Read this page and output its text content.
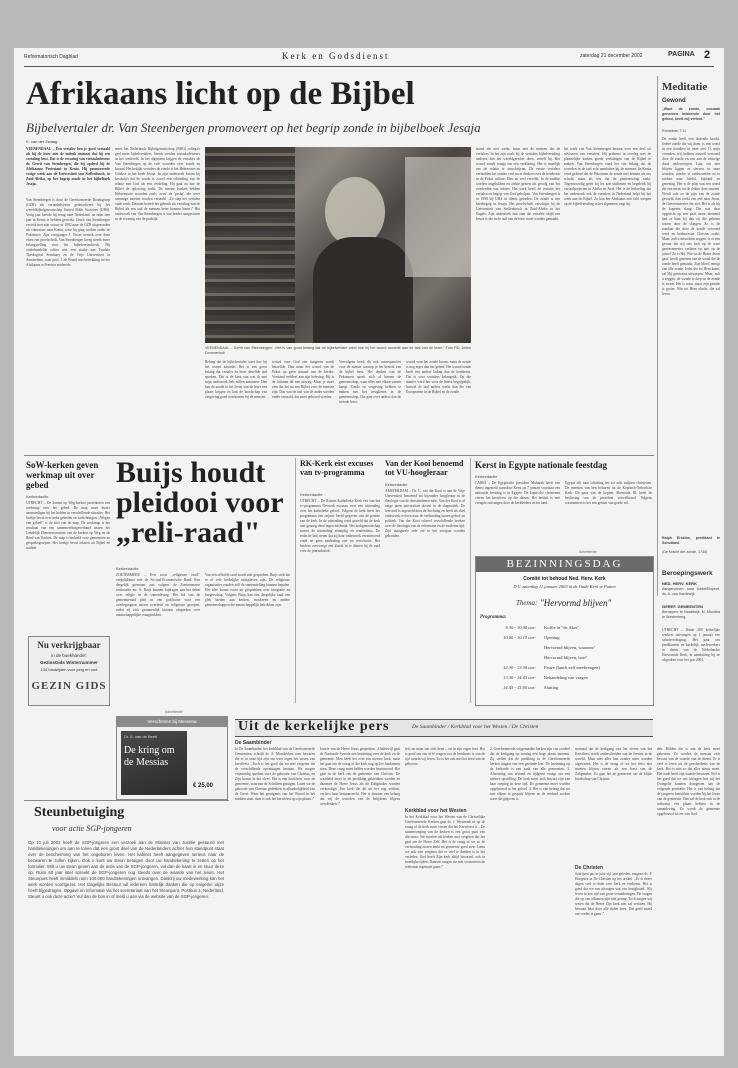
Reformatorisch Dagblad	Kerk en Godsdienst	zaterdag 21 december 2002	PAGINA 2
Afrikaans licht op de Bijbel
Bijbelvertaler dr. Van Steenbergen promoveert op het begrip zonde in bijbelboek Jesaja
K. van der Zwaag
VEENENDAAL – Een vertaler ben je goed vertaald als bij de lezer niet de indruk ontstaat dat hij een vertaling leest. Dat is de ervaring van vertaaladviseur dr. Gerrit van Steenbergen, die bij opdeed bij de Afrikaanse Protestant in Kenia. Hij promoveerde vorige week aan de Universiteit van Stellenbosch, in Zuid-Afrika, op het begrip zonde in het bijbelboek Jesaja.
Van Steenbergen is door de Gereformeerde Bondsgroep (GZB) als vertaaladviseur gedetacheerd bij het wereldbijbelgenootschap United Bible Societies (UBS). Vorig jaar keerde hij terug naar Nederland, na ruim tien jaar in Kenia te hebben gewerkt. Gerrit van Steenbergen vertrok met zijn vrouw in 1992 naar de GZB uitgezonden als vaktrainer naar Kenia, waar hij ging werken onder de Pokotmen. Zijn voorganger J. Visser vertrok over deze eisen een proefschrift. Van Steenbergen kreeg steeds meer belangstelling voor het bijbelvertaalwerk. Hij onderhandelde echter met een studie aan Tyndale Theological Seminary en de Vrije Universiteit in Amsterdam, waar prof. J. de Waard met betrekking tot het Afrikaans te Pretoria studeerde.
mees het Nederlands Bijbelgenootschap (NBG) collega's geel meer bijbelvertalers. Steeds werden vertaaladviseurs in het werkveld. In het algemeen krijgen de vertalers de Van Steenbergen op de vele woorden over zonde en kwaad. Het bekijkt vertalers de zonde is het Hebreeuws en Griekse in het boek Jesaja. In zijn onderzoek kwam hij beschrijft dat de zonde is zowel een schending van de relatie met God als een verdeling. Hij gaat na hoe de Bijbel de oplossing zoekt. De meeste boeken hebben Hebreeuwse woorden zoals 'avon' en 'pesha', die weer sommige moeten worden vertaald. „Zo slap het vertalen oude werk. Daarom betreft het gebruik als vertaling van de Bijbel als een taal de mensen beter kunnen lezen.\" Het onderzoek van Van Steenbergen is wat breder aangestoten in de ervaring van de praktijk.
VEENENDAAL – Gerrit van Steenbergen: „Het is van groot belang dat de bijbelvertaler weet hoe hij het woord aanreikt aan de taal van de lezer." Foto RD, Anton Dommerholt
Belang dat de bijbelvertaler weet hoe hij het woord aanreikt. Het is van groot belang dat vertaler en lezer dezelfde taal spreken. Dat is de kern van wat ik met mijn onderzoek heb willen aantonen. Dan kan de zonde in het leven van de lezer een plaats krijgen en kan de boodschap van vergeving goed overkomen bij de mensen.
woord voor God een fungeren wordt hetzelfde. Dan maar het woord van de Pokot op geen afstand van de herder. Verstand verbleef aan zijn beleving. Hij is de lichaam dit een uitweg. Maar je moet zien dat het nu een Bijbel voor de mensen zijn. Dus van de taal van de ander werden onder vertaald, dat moet gehoord worden.
Vervolgens beeft dit ook consequenties voor de manier waarop je het bericht van de bijbel leest. Het denken van de Pokotmen speelt zich af binnen de gemeenschap, waar alles met elkaar samen hangt. Zonde en vergeving hebben te maken met het terugkeren in de gemeenschap. Dat gaat over anders dan de tweede lezer.
woord voor het zonde kwam, maar de zonde is nog erger dan het gebod. Het woord zonde heeft een andere lading dan de betekenis. Dat is voor vertalers belangrijk. Op die manier werd het voor de lezers begrijpelijk, hoewel de taal anders werkt dan die van Europeanen in de Bijbel en de zonde.
mond die niet werkt, maar met de mensen die de vertalers. In het zijn zoals bij de vertalers bijbelvertaling anderen dan het wereldgerichte doen, vertelt hij. Het woord zonde vraagt om een verklaring. Het is moeilijk om de relatie te omschrijven. De eerste vertalers vertaalden het zonder veel na te denken over de betekenis in de Pokot cultuur. Hier zit veel verschil. In de traditie worden ongelukken en ziekte gezien als gevolg van het overtreden van taboes. Het werk heeft de vertaler het vertalen en begrip van God geholpen. Van Steenbergen is in 1998 bij UBS in dienst getreden. De zonde is een kernbegrip in Jesaja. Het proefschrift verschijnt bij de Universiteit van Stellenbosch in Zuid-Afrika in het Engels. Zijn onderzoek laat zien dat vertalen altijd een keuze is die in de taal van de lezer moet worden gemaakt.
het werk van Van Steenbergen bestaat voor een deel uit adviseren van vertalers. Hij probeert in overleg met de plaatselijke kerken goede vertalingen van de Bijbel te maken. Van Steenbergen vond het van belang dat de woorden in de taal echt aansluiten bij de mensen. In Kenia werd geleerd dat de Pokotmen de zonde niet kennen als een schuld, maar als iets dat de gemeenschap raakt. Tegenwoordig geeft hij les aan studenten en begeleidt hij vertaalprojecten in Afrika en Azië. Het is de bedoeling dat het onderzoek ook de vertalers in Nederland helpt bij het werk aan de Bijbel. Zo kan het Afrikaans een licht werpen op de bijbelvertaling in het algemeen, zegt hij.
Meditatie
Gewond
„Want de zonde, oorzaak genomen hebbende door het gebod, heeft mij verleid."
Romeinen 7:11
De zonde heeft een dodende kracht. Iedere zonde die wij doen, is een wond in een doodkist in onze ziel. O, mijn vrienden, wij hebben onszelf verwond door de zonde en ons aan de eeuwige dood onderworpen. Laat ons niet blijven liggen er sterven in onze wonden, zonder te onderzoeken en te zoeken naar heelal, bijstand en genezing. Het is de plijs van een wond die een mens tot de dokter doet omzien. Wordt ook zo de pijn van de zonde gevoeld, dan zoekt een ziel naar Jezus, de Geneesmeester der ziel. Het is als bij de koperen slang. Die was daar opgericht op een paal, maar niemand had er baat bij dan zij die gebeten waren door de slangen. Zo is de zondaar die door de zonde verwond werd en heelmeester Christus zoekt. Maar, zult u misschien zeggen, is er een gevaar dat wij ons toch op de ware geneesmeester verlaten en niet op de juiste? Zo is Hij. Wie tot de Heere Jezus gaat, wordt genezen van de wond die de zonde heeft gemaakt. Zijn bloed reinigt van alle zonde. Ieder die tot Hem komt, zal Hij geenszins uitwerpen. Maar, zult u zeggen, de wonde is diep en de zonde is zwaar. Het is waar, maar zijn genade is groter. Wie tot Hem vlucht, die zal leven.
Ralph Erskine, predikant te Schotland
(De Kracht der zonde, 1740)
SoW-kerken geven werkmap uit over gebed
Kerkredactie
UTRECHT – De Samen op Weg-kerken presenteren een werkmap over het gebed. De map moet lezers aanmoedigen bij het bidden in verschillende situaties. Het boekje bevat een reeks gebeden en toelichtingen. „Wegen van gebed\" is de titel van de map. De werkmap is het resultaat van een samenwerkingsverband tussen het Landelijk Dienstencentrum van de kerken op Weg en de Raad van Kerken. De map is bedoeld voor gemeenten en gespreksgroepen. Het boekje bevat teksten uit Bijbel en traditie.
Nu verkrijgbaar
in de boekhandel:
GezinsGids Winternummer
134 bladzijden voor jong en oud
GEZIN GIDS
Buijs houdt
pleidooi voor
„reli-raad"
Kerkredactie
ZOETERMEER – Een soort „religieuze raad\" vergelijkbaar met de Sociaal-Economische Raad. Een dergelijk gremium zou volgens de Zoetermeerse wethouder mr. A. Buijs kunnen bijdragen aan het debat over religie in de samenleving. Het lid van de gemeenteraad pleit in een publicatie voor een overlegorgaan tussen overheid en religieuze groepen, zodat zij zich gezamenlijk kunnen uitspreken over maatschappelijke vraagstukken.
Van een officiële raad wordt niet gesproken. Buijs stelt dat er al vele kerkelijke initiatieven zijn. De religieuze organisaties zouden zelf de samenstelling kunnen bepalen. Het idee kwam voort uit gesprekken over integratie en burgerschap. Volgens Buijs kan een dergelijke raad een plek bieden aan kerken, moskeeën en andere gemeenschappen die maatschappelijk betrokken zijn.
RK-Kerk eist excuses van tv-programma
Kerkredactie
UTRECHT – De Rooms-Katholieke Kerk eist van het tv-programma Netwerk excuses voor een uitzending over het katholieke geloof. Volgens de kerk heeft het programma een onjuist beeld gegeven van de positie van de kerk. In de uitzending werd gesteld dat de kerk niet genoeg deed tegen misbruik. Het kerkgenootschap noemt de uitzending eenzijdig en tendentieus. De redactie laat weten dat zij haar onderzoek verantwoord vindt en geen aanleiding ziet tot rectificatie. Het bisdom overweegt een klacht in te dienen bij de raad voor de journalistiek.
Van der Kooi benoemd tot VU-hoogleraar
Kerkredactie
AMSTERDAM – Dr. C. van der Kooi is aan de Vrije Universiteit benoemd tot bijzonder hoogleraar in de theologie van de christendemocratie. Van der Kooi is al enige jaren universitair docent in de dogmatiek. De leerstoel is ingesteld door de Stichting en heeft als doel onderzoek te doen naar de verhouding tussen geloof en politiek. Van der Kooi schreef verschillende boeken over de theologie van de reformatie en de moderne tijd. Zijn inaugurele rede zal in het voorjaar worden gehouden.
Kerst in Egypte nationale feestdag
Kerkredactie
CAIRO – De Egyptische president Mubarak heeft een dienst ingesteld waardoor Kerst op 7 januari voortaan een nationale feestdag is in Egypte. De koptische christenen vieren het kerstfeest op die datum. Het besluit is met vreugde ontvangen door de kerkleiders in het land.
Egypte telt naar schatting zes tot acht miljoen christenen. De meesten van hen behoren tot de Koptisch-Orthodoxe Kerk. De paus van de kopten, Shenouda III, heeft de beslissing van de president verwelkomd. Volgens waarnemers is het een gebaar van goede wil.
Advertentie
BEZINNINGSDAG
Comité tot behoud Ned. Herv. Kerk
D.V. zaterdag 11 januari 2003 in de Oude Kerk te Putten
Thema: "Hervormd blijven"
Programma:
9.30 - 10.00 uur: Koffie in "de Aker"
10.00 - 10.15 uur: Opening
Hervormd blijven, waarom?
Hervormd blijven, hoe?
12.30 - 13.30 uur: Pauze (lunch zelf meebrengen)
13.30 - 14.45 uur: Behandeling van vragen
14.45 - 15.00 uur: Sluiting
Beroepingswerk
NED. HERV. KERK
Aangenomen: naar Uddel/Elspeet, ds. A. van Hardewijk.
GEREF. GEMEENTEN
Beroepen: te Naaldwijk, M. Mondria te Westenberg.
UTRECHT – Ruim 200 kerkelijke werkers ontvangen op 1 januari een salarisverhoging. Het gaat om predikanten en kerkelijk medewerkers in dienst van de Nederlandse Hervormde Kerk, in aansluiting bij de afspraken voor het jaar 2003.
Advertentie
Verschenen bij Messena
Dr. A. van de Beek
De kring om
de Messias
€ 25,00
Uit de kerkelijke pers	De Saambinder / Kerkblad voor het Westen / De Christen
De Saambinder
In De Saambinder, het kerkblad van de Gereformeerde Gemeenten, schrijft ds. A. Moerkerken over bewaren die er in onze tijd zijn om weer tegen het vieren van kerstfeest. „Toch is het goed dat we niet vergeten dat de verschillende opvattingen bestaan. We mogen vrijmoedig spreken over de geboorte van Christus, en Zijn komst in het vlees. Het is een kerstfeest voor de gemeente, waarvan de Schriften getuigen. Laten we de geboorte van Christus gedenken in afhankelijkheid van de Geest. Waar het getuigenis van het Woord in het midden staat, daar is ook het kerstfeest op zijn plaats.\"
boorte van de Heere Jezus gesproken. „Onderwijl gaat de Nationale Synode een bezinning over de kerk en de gemeente. Men heeft het over een nieuwe kerk, maar het gaat om de vraag of die kerk nog op het fundament staat. Deze vraag moet helder worden beantwoord. Het gaat in de kerk om de gemeente van Christus. De waarheid moet in de prediking geklonken worden en daarmee de Heere Jezus als de Zaligmaker worden verkondigd. Een kerk die dit uit het oog verliest, verliest haar bestaansrecht. Het is daarom van belang dat wij de woorden van de belijdenis blijven overdenken.\"
Kerkblad voor het Westen
leit, nu maar om zich heen – en in zijn eigen hart. Het is goed om ons af te vragen wat de betekenis is van de tijd waarin wij leven. Zo is het ook met het feest van de geboorte.
In het Kerkblad voor het Westen van de Christelijke Gereformeerde Kerken gaat ds. J. Westerink in op de vraag of de kerk moet vieren dat het Kerstfeest is. „De samenvoeging van de kerken is een groot punt van discussie. We moeten als kerken niet vergeten dat het gaat om de Heere Zelf. Het is de vraag of we zo de verhouding tussen ambt en gemeente goed zien. Laten we ook niet vergeten dat er veel te danken is in het verleden. God heeft Zijn kerk altijd bewaard, ook in moeilijke tijden. Daarom mogen we met vertrouwen de toekomst tegemoet gaan.\"
2. Gereformeerde vrijgemaakte kerken zijn van oordeel dat de kerkgang op zondag een hoge plaats inneemt. Zij stellen dat de prediking in de Gereformeerde kerken uitgaat van een gezonde leer. De bezinning op de kerkorde is een zaak van alle gemeenten. 3. Afwenting van afstand en tijdgeest vraagt om een nieuwe opstelling. De kerk moet zich bewust zijn van haar roeping in deze tijd. De gemeente moet worden opgebouwd in het geloof. 4. Het is van belang dat we met elkaar in gesprek blijven en de eenheid zoeken waar die gegeven is.
normaal dat de kerkgang van het vieren van het Kerstfeest wordt onderscheiden van de feesten in de wereld. Maar niet alles kan zonder meer worden afgewezen. Het is de vraag of we het feest niet moeten blijven vieren als een feest van de Zaligmaker. Zo gaat het de gemeente om de blijde boodschap van Christus.
De Christen
Schrijven pas in juist vijf jaar geleden, reageert ds. P. Hoogstra in De Christen op het artikel. „Er is dezer dagen veel te doen over kerk en eredienst. Het is goed dat we ons afvragen wat ons bezighoudt. Wij leven in een tijd van grote veranderingen. De vragen die op ons afkomen zijn niet gering. Toch mogen wij weten dat de Heere Zijn kerk niet zal verlaten. Hij bewaart haar door alle tijden heen. Dat geeft moed om verder te gaan.\"
den. Bidden die is aan de kerk moet gebeuren. Zo worden de mensen zich bewust van de waarde van de dienst. Er is veel te leren uit de geschiedenis van de kerk. Het is niet zo dat alles nieuw moet. Het oude heeft zijn waarde bewezen. Wel is het goed dat we ons afvragen hoe wij het Evangelie kunnen doorgeven aan de volgende generatie. Het is van belang dat de jongeren betrokken worden bij het leven van de gemeente. Dan zal de kerk ook in de toekomst een plaats hebben in de samenleving. Zo wordt de gemeente opgebouwd tot eer van God.
Steunbetuiging
voor actie SGP-jongeren
Op 10 juli 2002 heeft de SGP-jongeren een verzoek aan de Minister van Justitie gestuurd met handtekeningen om aan te tonen dat een groot deel van de Nederlanders achter hun standpunt staat over de bescherming van het ongeboren leven. Het kabinet heeft aangegeven serieus naar de bezwaren te zullen kijken. Ook u kunt uw steun betuigen door uw handtekening te zetten op het formulier. Wilt u uw steun geven aan de actie van de SGP-jongeren, vul dan de kaart in en stuur deze op. Ruim 60 jaar later spreekt de SGP-jongeren nog steeds over de waarde van het leven. Het Steunpunt heeft inmiddels ruim 100.000 handtekeningen ontvangen. Dankzij uw medewerking kan het werk worden voortgezet. Het Dagelijks Bestuur wil iedereen hartelijk danken die op enigerlei wijze heeft bijgedragen. Opgave en informatie via het secretariaat van het Steunpunt, Postbus 1, Nederland. Steunt u ook deze actie? Vul dan de bon in of meld u aan via de website van de SGP-jongeren.
